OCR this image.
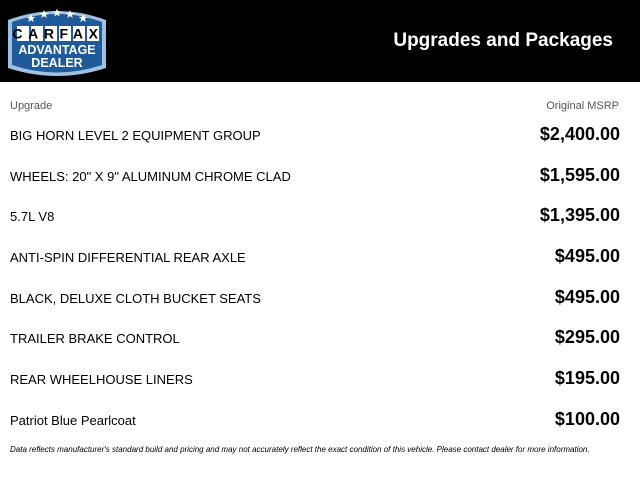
CARFAX
ADVANTAGE
DEALER
Upgrades and Packages
Upgrade	Original MSRP
BIG HORN LEVEL 2 EQUIPMENT GROUP	$2,400.00
WHEELS: 20" X 9" ALUMINUM CHROME CLAD	$1,595.00
5.7L V8	$1,395.00
ANTI-SPIN DIFFERENTIAL REAR AXLE	$495.00
BLACK, DELUXE CLOTH BUCKET SEATS	$495.00
TRAILER BRAKE CONTROL	$295.00
REAR WHEELHOUSE LINERS	$195.00
Patriot Blue Pearlcoat	$100.00
Data reflects manufacturer's standard build and pricing and may not accurately reflect the exact condition of this vehicle. Please contact dealer for more information.
